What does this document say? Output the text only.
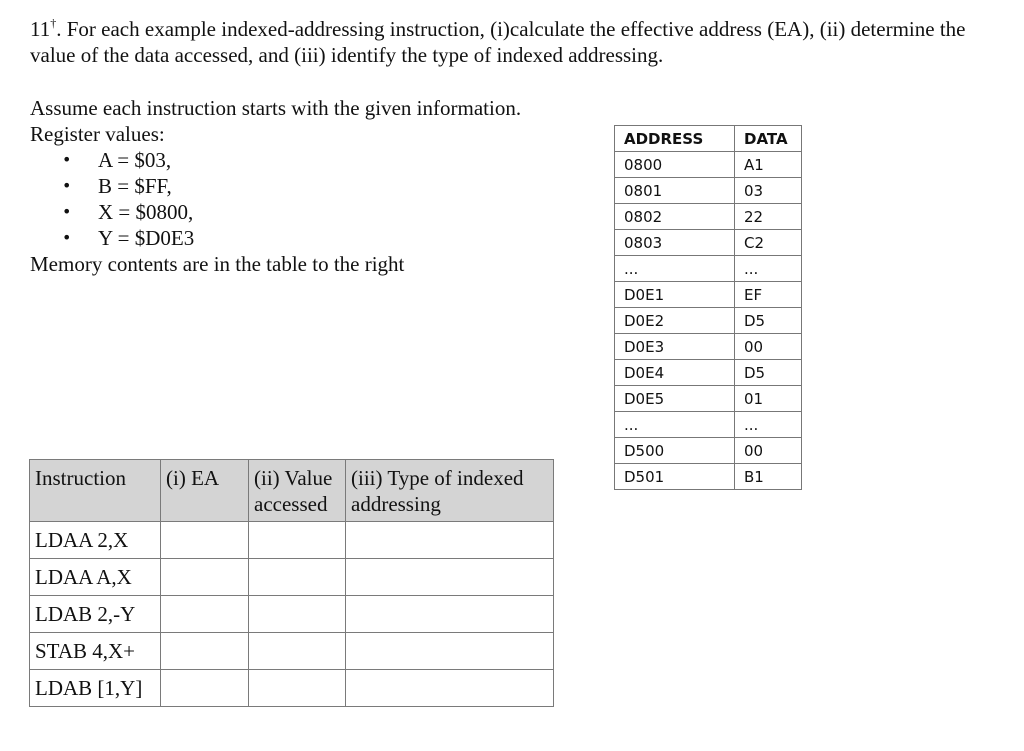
11†. For each example indexed-addressing instruction, (i)calculate the effective address (EA), (ii) determine the value of the data accessed, and (iii) identify the type of indexed addressing.

Assume each instruction starts with the given information.

Register values:

• A = $03,
• B = $FF,
• X = $0800,
• Y = $D0E3

Memory contents are in the table to the right

ADDRESS	DATA
0800	A1
0801	03
0802	22
0803	C2
...	...
D0E1	EF
D0E2	D5
D0E3	00
D0E4	D5
D0E5	01
...	...
D500	00
D501	B1
Instruction	(i) EA	(ii) Value accessed	(iii) Type of indexed addressing
LDAA 2,X			
LDAA A,X			
LDAB 2,-Y			
STAB 4,X+			
LDAB [1,Y]			
